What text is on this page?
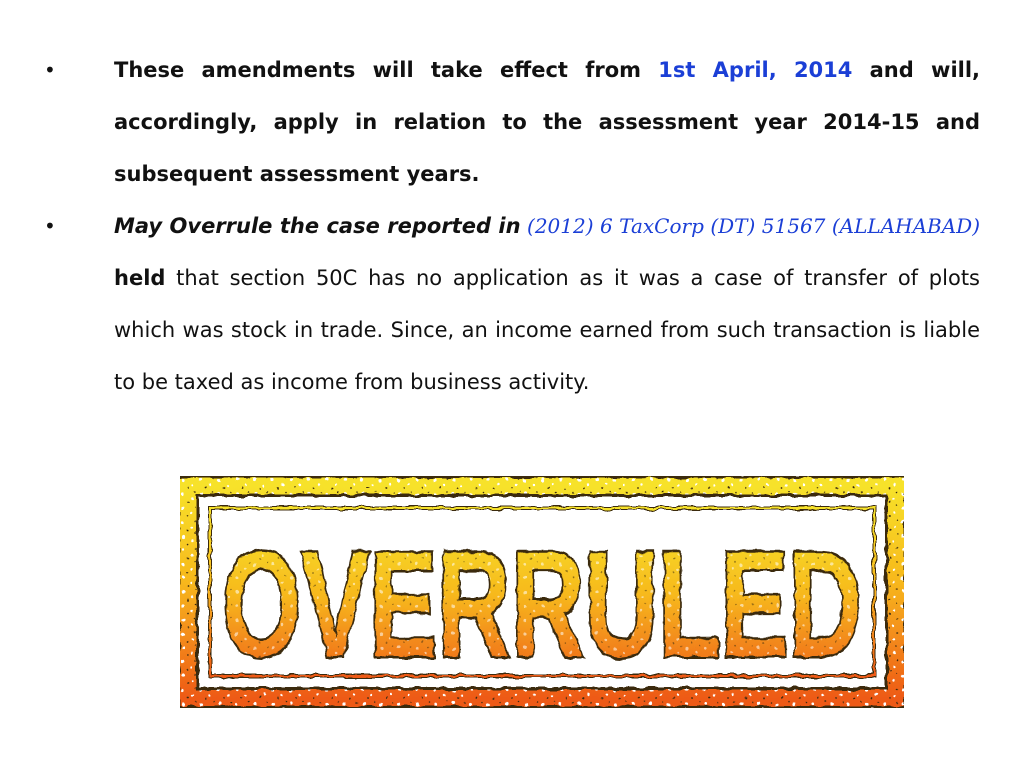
•	These amendments will take effect from 1st April, 2014 and will, accordingly, apply in relation to the assessment year 2014-15 and subsequent assessment years.
•	May Overrule the case reported in (2012) 6 TaxCorp (DT) 51567 (ALLAHABAD) held that section 50C has no application as it was a case of transfer of plots which was stock in trade. Since, an income earned from such transaction is liable to be taxed as income from business activity.
OVERRULED
OVERRULED
